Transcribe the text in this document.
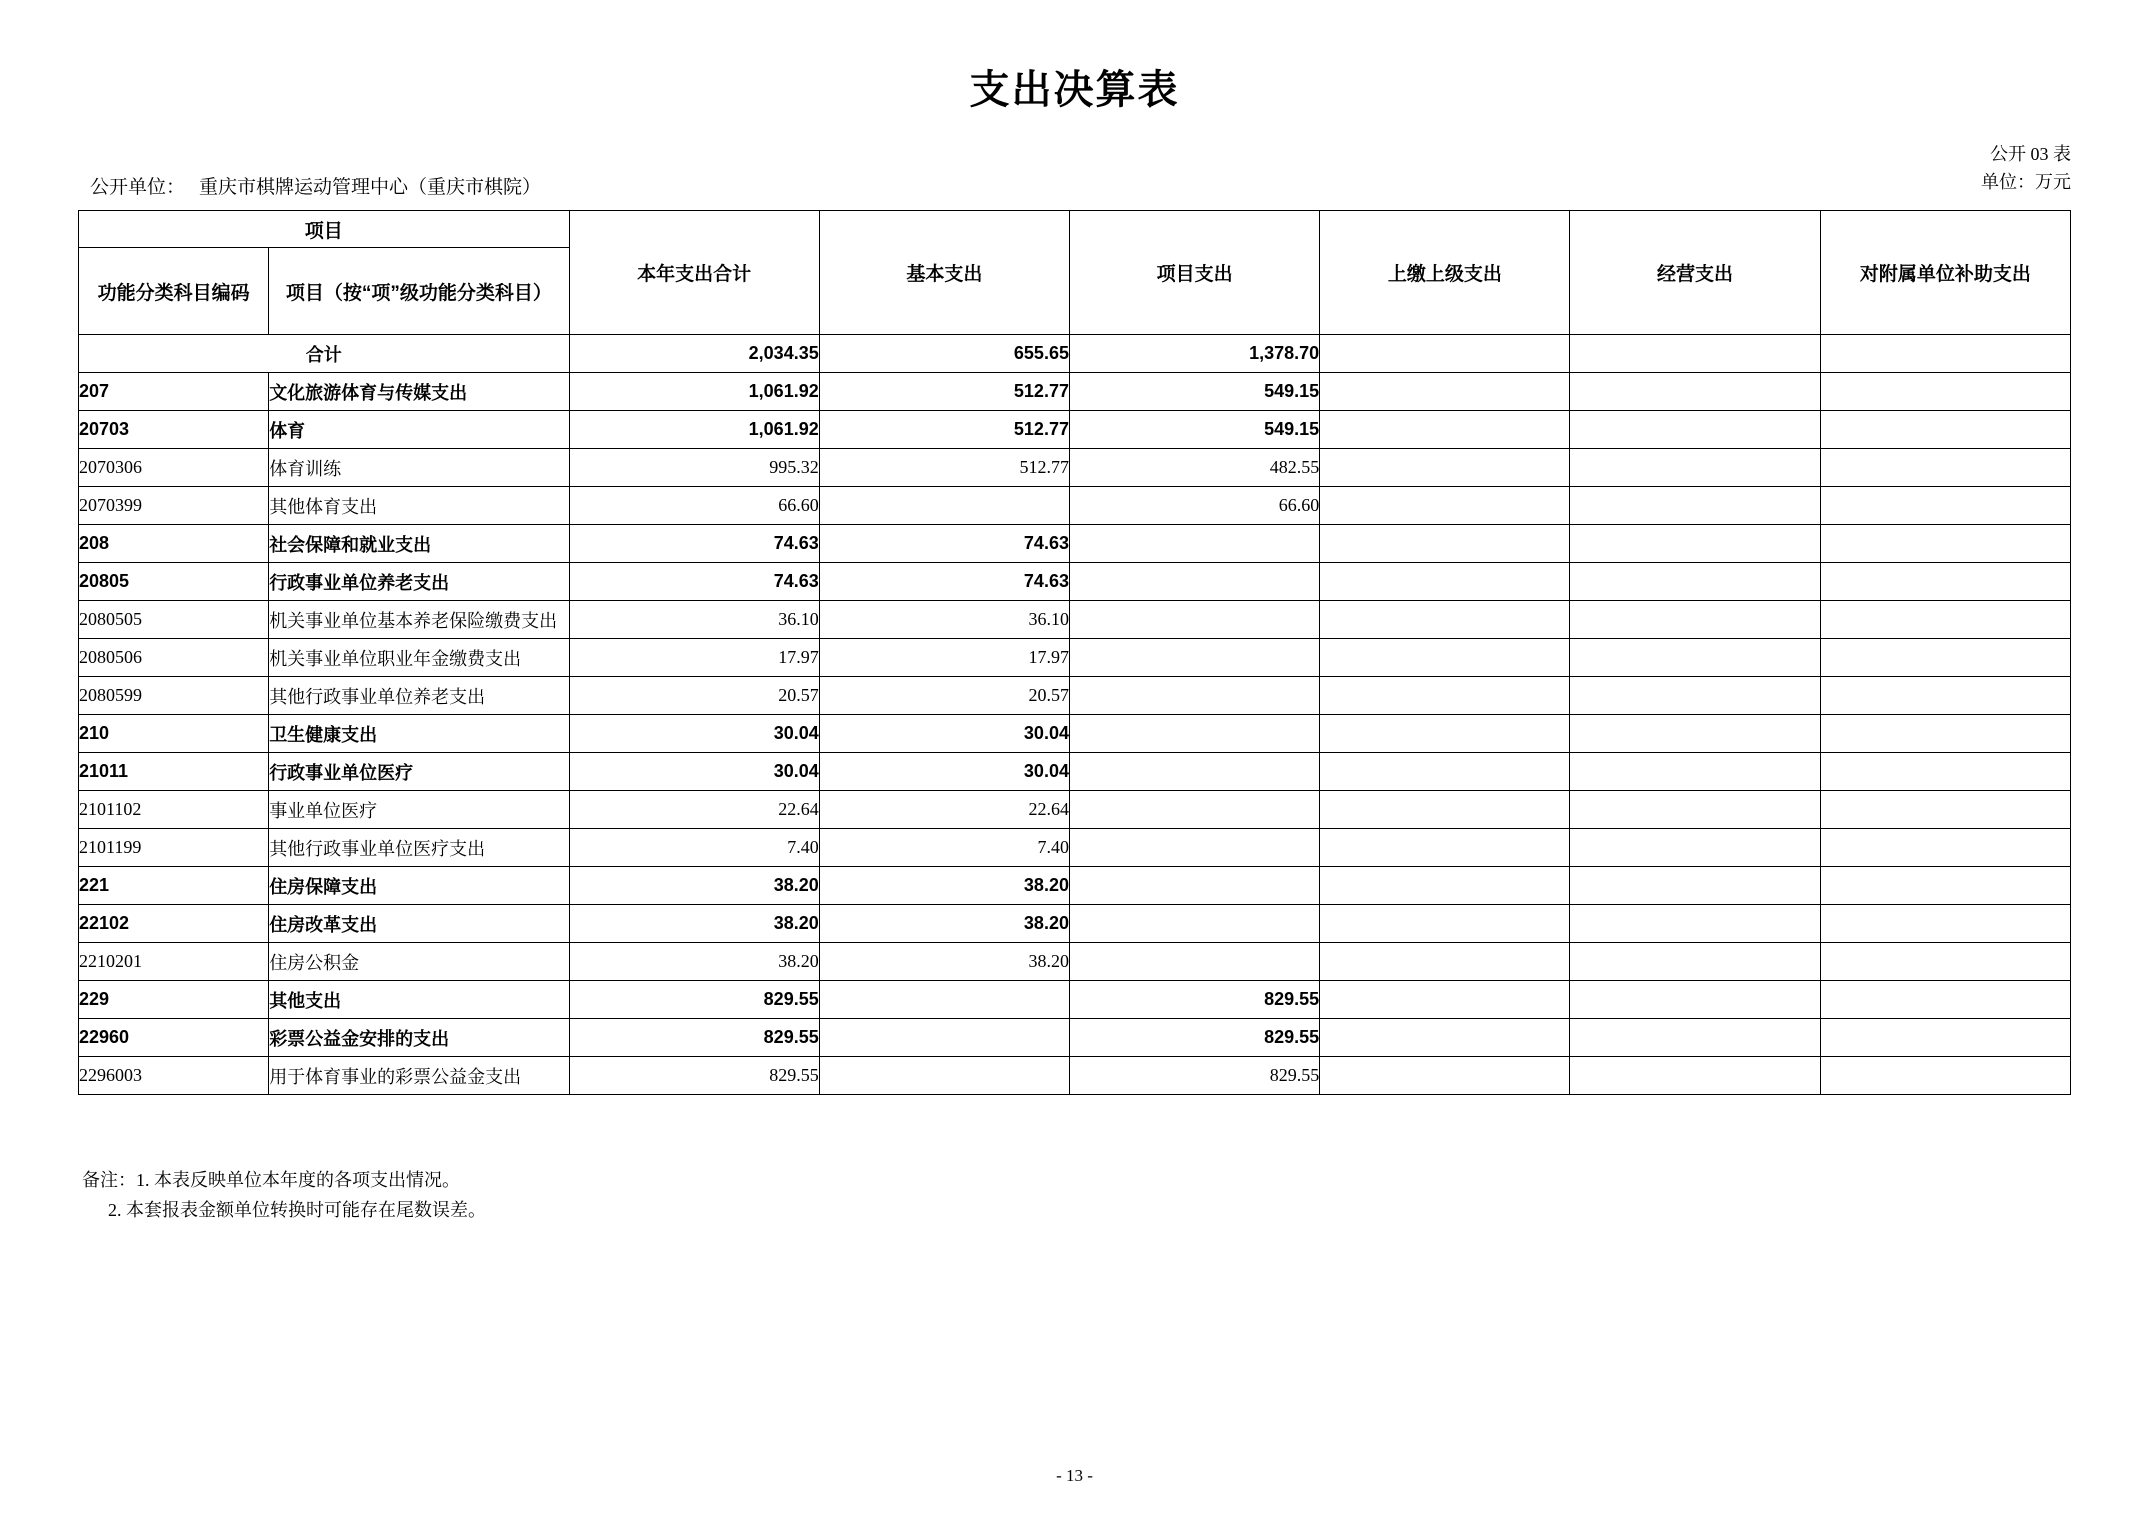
支出决算表
公开 03 表
单位：万元
公开单位： 重庆市棋牌运动管理中心（重庆市棋院）
项目		本年支出合计	基本支出	项目支出	上缴上级支出	经营支出	对附属单位补助支出
功能分类科目编码	项目（按“项”级功能分类科目）						
合计		2,034.35	655.65	1,378.70			
207	文化旅游体育与传媒支出	1,061.92	512.77	549.15			
20703	体育	1,061.92	512.77	549.15			
2070306	体育训练	995.32	512.77	482.55			
2070399	其他体育支出	66.60		66.60			
208	社会保障和就业支出	74.63	74.63				
20805	行政事业单位养老支出	74.63	74.63				
2080505	机关事业单位基本养老保险缴费支出	36.10	36.10				
2080506	机关事业单位职业年金缴费支出	17.97	17.97				
2080599	其他行政事业单位养老支出	20.57	20.57				
210	卫生健康支出	30.04	30.04				
21011	行政事业单位医疗	30.04	30.04				
2101102	事业单位医疗	22.64	22.64				
2101199	其他行政事业单位医疗支出	7.40	7.40				
221	住房保障支出	38.20	38.20				
22102	住房改革支出	38.20	38.20				
2210201	住房公积金	38.20	38.20				
229	其他支出	829.55		829.55			
22960	彩票公益金安排的支出	829.55		829.55			
2296003	用于体育事业的彩票公益金支出	829.55		829.55			
备注：1. 本表反映单位本年度的各项支出情况。
2. 本套报表金额单位转换时可能存在尾数误差。
- 13 -
